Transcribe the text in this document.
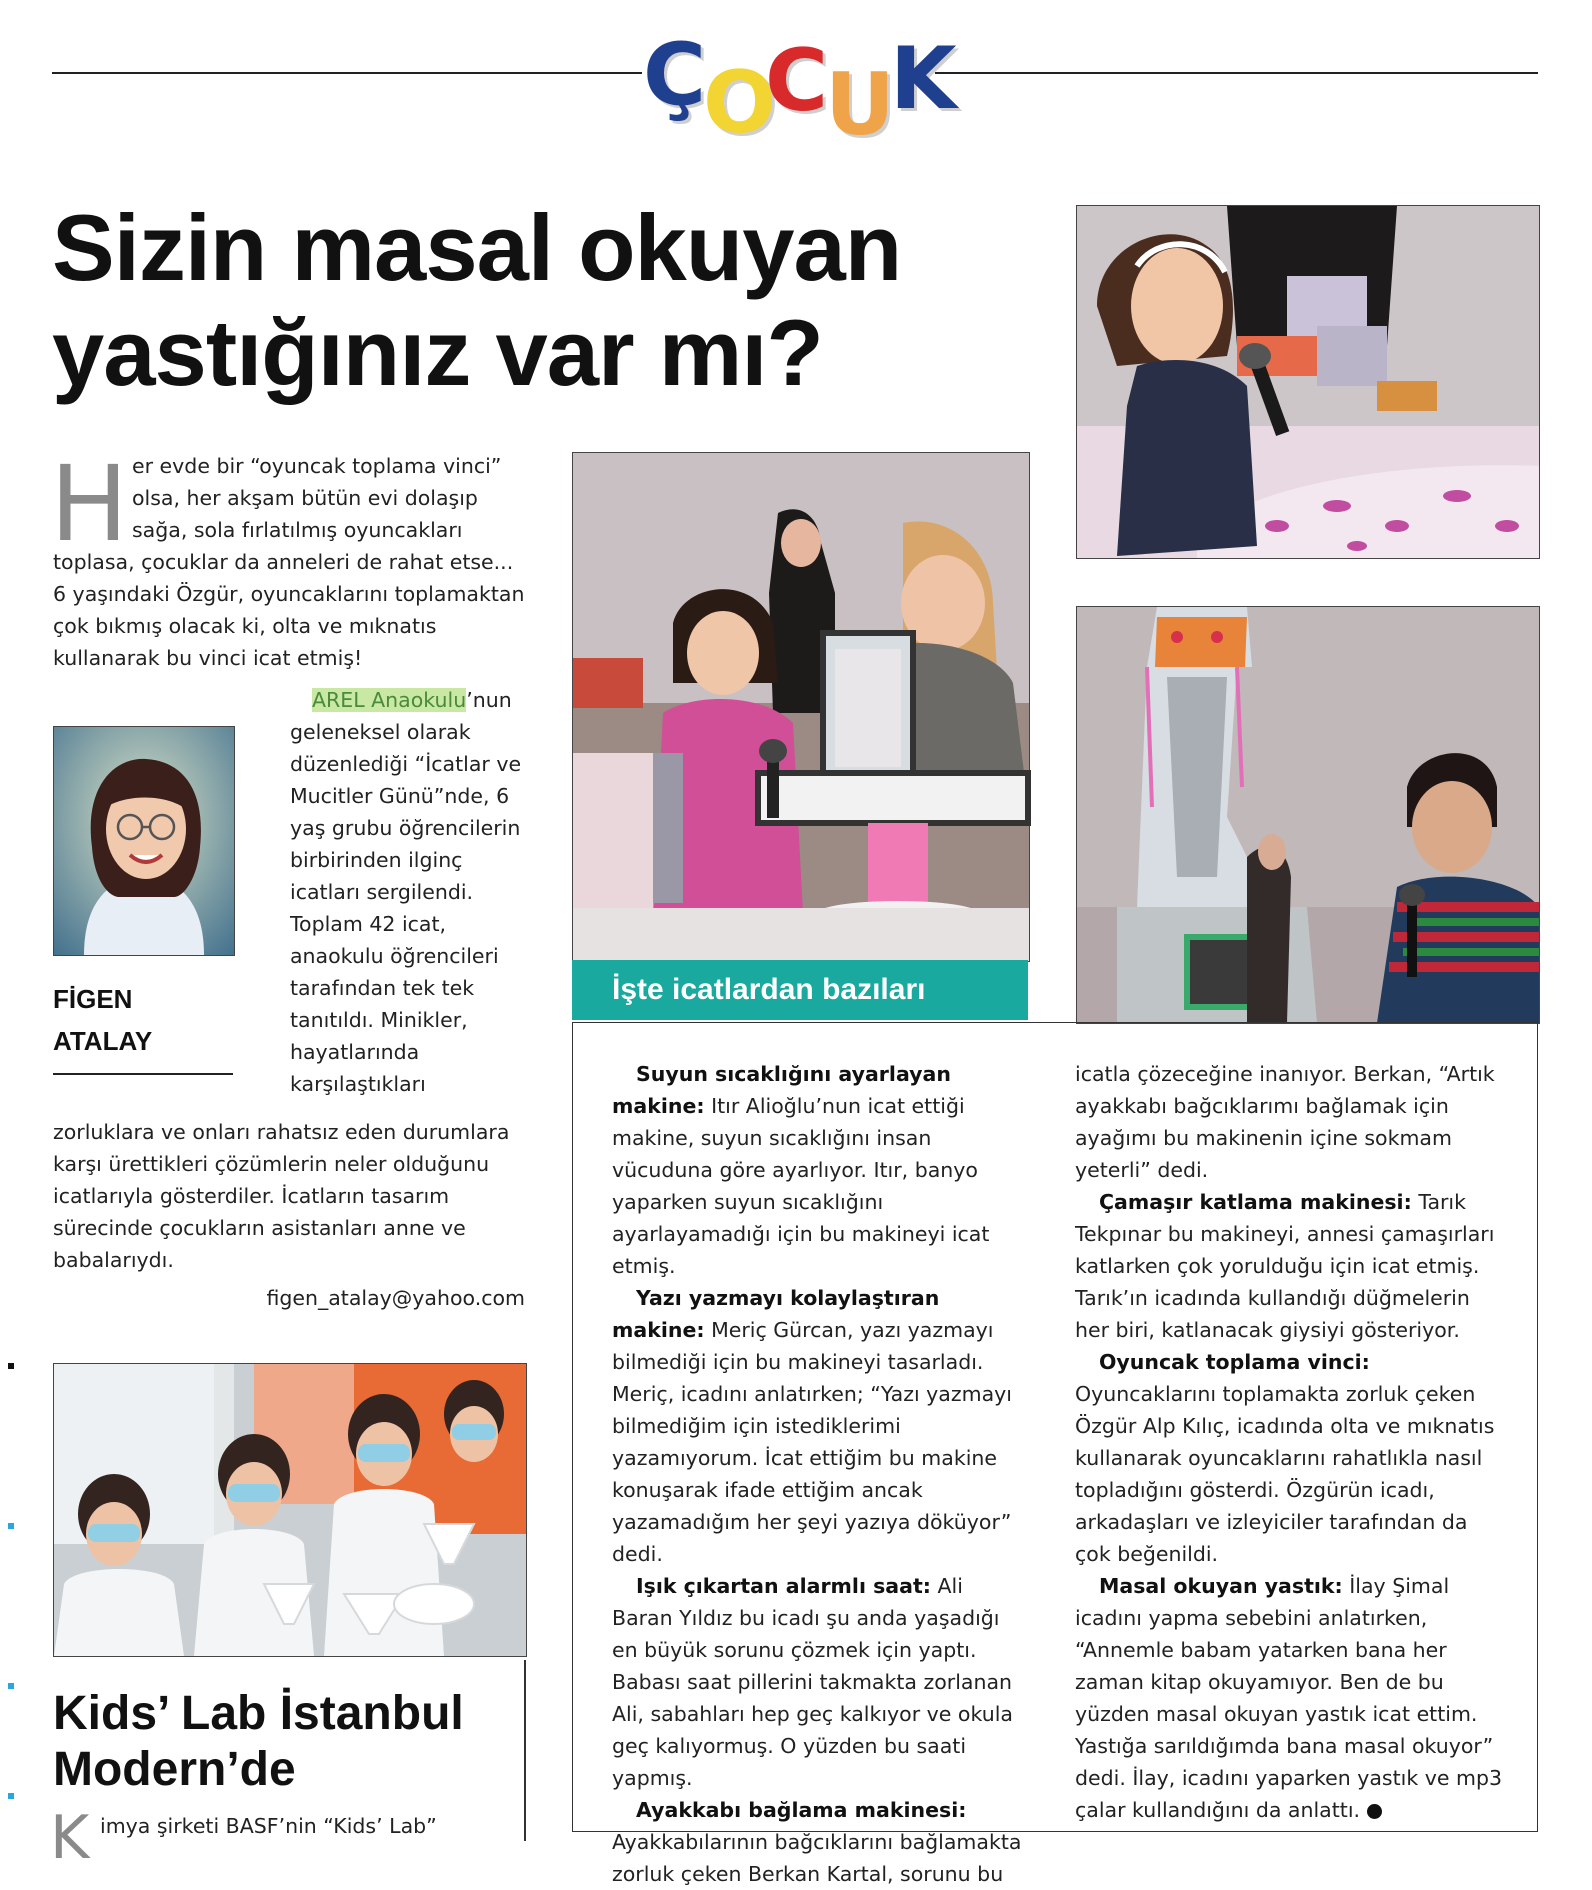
Ç
O
C
U
K
Sizin masal okuyan
yastığınız var mı?
H er evde bir “oyuncak toplama vinci”
olsa, her akşam bütün evi dolaşıp
sağa, sola fırlatılmış oyuncakları
toplasa, çocuklar da anneleri de rahat etse...
6 yaşındaki Özgür, oyuncaklarını toplamaktan
çok bıkmış olacak ki, olta ve mıknatıs
kullanarak bu vinci icat etmiş!
FİGEN
ATALAY
AREL Anaokulu’nun
geleneksel olarak
düzenlediği “İcatlar ve
Mucitler Günü”nde, 6
yaş grubu öğrencilerin
birbirinden ilginç
icatları sergilendi.
Toplam 42 icat,
anaokulu öğrencileri
tarafından tek tek
tanıtıldı. Minikler,
hayatlarında
karşılaştıkları
zorluklara ve onları rahatsız eden durumlara
karşı ürettikleri çözümlerin neler olduğunu
icatlarıyla gösterdiler. İcatların tasarım
sürecinde çocukların asistanları anne ve
babalarıydı.
figen_atalay@yahoo.com
İşte icatlardan bazıları

Suyun sıcaklığını ayarlayan makine: Itır Alioğlu’nun icat ettiği makine, suyun sıcaklığını insan vücuduna göre ayarlıyor. Itır, banyo yaparken suyun sıcaklığını ayarlayamadığı için bu makineyi icat etmiş.

Yazı yazmayı kolaylaştıran makine: Meriç Gürcan, yazı yazmayı bilmediği için bu makineyi tasarladı. Meriç, icadını anlatırken; “Yazı yazmayı bilmediğim için istediklerimi yazamıyorum. İcat ettiğim bu makine konuşarak ifade ettiğim ancak yazamadığım her şeyi yazıya döküyor” dedi.

Işık çıkartan alarmlı saat: Ali Baran Yıldız bu icadı şu anda yaşadığı en büyük sorunu çözmek için yaptı. Babası saat pillerini takmakta zorlanan Ali, sabahları hep geç kalkıyor ve okula geç kalıyormuş. O yüzden bu saati yapmış.

Ayakkabı bağlama makinesi: Ayakkabılarının bağcıklarını bağlamakta zorluk çeken Berkan Kartal, sorunu bu

icatla çözeceğine inanıyor. Berkan, “Artık ayakkabı bağcıklarımı bağlamak için ayağımı bu makinenin içine sokmam yeterli” dedi.

Çamaşır katlama makinesi: Tarık Tekpınar bu makineyi, annesi çamaşırları katlarken çok yorulduğu için icat etmiş. Tarık’ın icadında kullandığı düğmelerin her biri, katlanacak giysiyi gösteriyor.

Oyuncak toplama vinci: Oyuncaklarını toplamakta zorluk çeken Özgür Alp Kılıç, icadında olta ve mıknatıs kullanarak oyuncaklarını rahatlıkla nasıl topladığını gösterdi. Özgürün icadı, arkadaşları ve izleyiciler tarafından da çok beğenildi.

Masal okuyan yastık: İlay Şimal icadını yapma sebebini anlatırken, “Annemle babam yatarken bana her zaman kitap okuyamıyor. Ben de bu yüzden masal okuyan yastık icat ettim. Yastığa sarıldığımda bana masal okuyor” dedi. İlay, icadını yaparken yastık ve mp3 çalar kullandığını da anlattı.

Kids’ Lab İstanbul
Modern’de
K imya şirketi BASF’nin “Kids’ Lab”
